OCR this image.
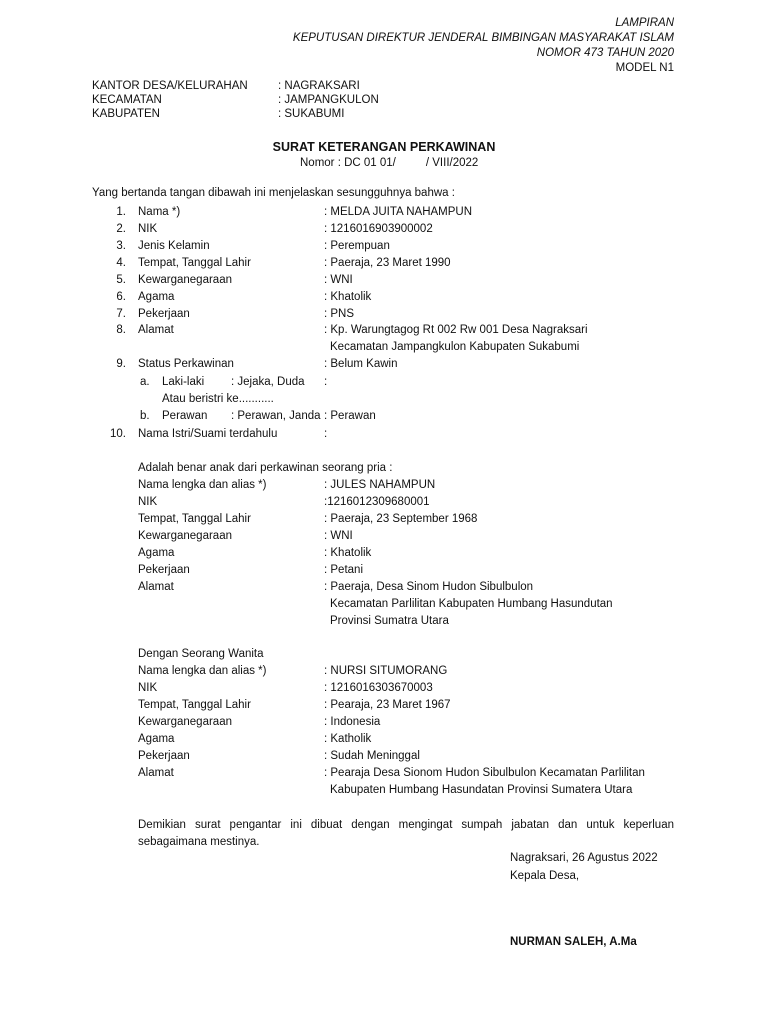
LAMPIRAN
KEPUTUSAN DIREKTUR JENDERAL BIMBINGAN MASYARAKAT ISLAM
NOMOR 473 TAHUN 2020
MODEL N1
KANTOR DESA/KELURAHAN	: NAGRAKSARI
KECAMATAN	: JAMPANGKULON
KABUPATEN	: SUKABUMI
SURAT KETERANGAN PERKAWINAN
Nomor : DC 01 01/	/ VIII/2022
Yang bertanda tangan dibawah ini menjelaskan sesungguhnya bahwa :
1. Nama *)	: MELDA JUITA NAHAMPUN
2. NIK	: 1216016903900002
3. Jenis Kelamin	: Perempuan
4. Tempat, Tanggal Lahir	: Paeraja, 23 Maret 1990
5. Kewarganegaraan	: WNI
6. Agama	: Khatolik
7. Pekerjaan	: PNS
8. Alamat	: Kp. Warungtagog Rt 002 Rw 001 Desa Nagraksari
Kecamatan Jampangkulon Kabupaten Sukabumi
9. Status Perkawinan	: Belum Kawin
a. Laki-laki : Jejaka, Duda :
Atau beristri ke...........
b. Perawan : Perawan, Janda : Perawan
10. Nama Istri/Suami terdahulu	:
Adalah benar anak dari perkawinan seorang pria :
Nama lengka dan alias *)	: JULES NAHAMPUN
NIK	:1216012309680001
Tempat, Tanggal Lahir	: Paeraja, 23 September 1968
Kewarganegaraan	: WNI
Agama	: Khatolik
Pekerjaan	: Petani
Alamat	: Paeraja, Desa Sinom Hudon Sibulbulon
Kecamatan Parlilitan Kabupaten Humbang Hasundutan
Provinsi Sumatra Utara
Dengan Seorang Wanita
Nama lengka dan alias *)	: NURSI SITUMORANG
NIK	: 1216016303670003
Tempat, Tanggal Lahir	: Pearaja, 23 Maret 1967
Kewarganegaraan	: Indonesia
Agama	: Katholik
Pekerjaan	: Sudah Meninggal
Alamat	: Pearaja Desa Sionom Hudon Sibulbulon Kecamatan Parlilitan
Kabupaten Humbang Hasundatan Provinsi Sumatera Utara
Demikian surat pengantar ini dibuat dengan mengingat sumpah jabatan dan untuk keperluan sebagaimana mestinya.
Nagraksari, 26 Agustus 2022
Kepala Desa,
NURMAN SALEH, A.Ma
